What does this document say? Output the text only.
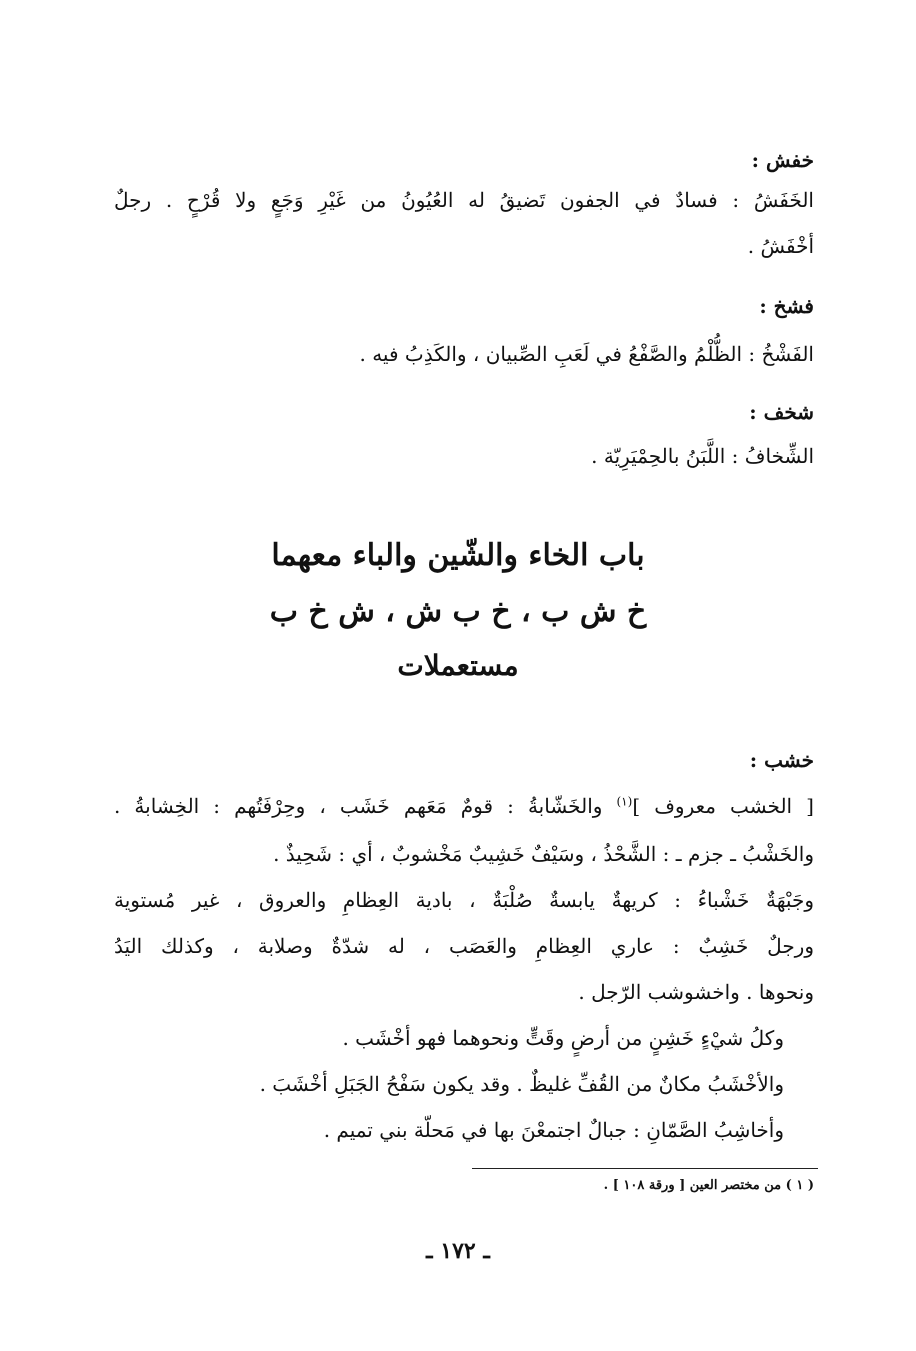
خفش :
الخَفَشُ : فسادٌ في الجفون تَضيقُ له العُيُونُ من غَيْرِ وَجَعٍ ولا قُرْحٍ . رجلٌ
أخْفَشُ .
فشخ :
الفَشْخُ : الظُّلْمُ والصَّفْعُ في لَعَبِ الصِّبيان ، والكَذِبُ فيه .
شخف :
الشِّخافُ : اللَّبَنُ بالحِمْيَرِيّة .
باب الخاء والشّين والباء معهما
خ ش ب ، خ ب ش ، ش خ ب
مستعملات
خشب :
[ الخشب معروف ]$^{(١)}$ والخَشّابةُ : قومٌ مَعَهم خَشَب ، وحِرْفَتُهم : الخِشابةُ .
والخَشْبُ ـ جزم ـ : الشَّحْذُ ، وسَيْفٌ خَشِيبٌ مَخْشوبٌ ، أي : شَحِيذٌ .
وجَبْهَةٌ خَشْباءُ : كريهةٌ يابسةٌ صُلْبَةٌ ، بادية العِظامِ والعروق ، غير مُستوية
ورجلٌ خَشِبٌ : عاري العِظامِ والعَصَب ، له شدّةٌ وصلابة ، وكذلك اليَدُ
ونحوها . واخشوشب الرّجل .
وكلُ شيْءٍ خَشِنٍ من أرضٍ وقَتٍّ ونحوهما فهو أخْشَب .
والأخْشَبُ مكانٌ من القُفِّ غليظٌ . وقد يكون سَفْحُ الجَبَلِ أخْشَبَ .
وأخاشِبُ الصَّمّانِ : جبالٌ اجتمعْنَ بها في مَحلّة بني تميم .
( ١ ) من مختصر العين [ ورقة ١٠٨ ] .
ـ ١٧٢ ـ
